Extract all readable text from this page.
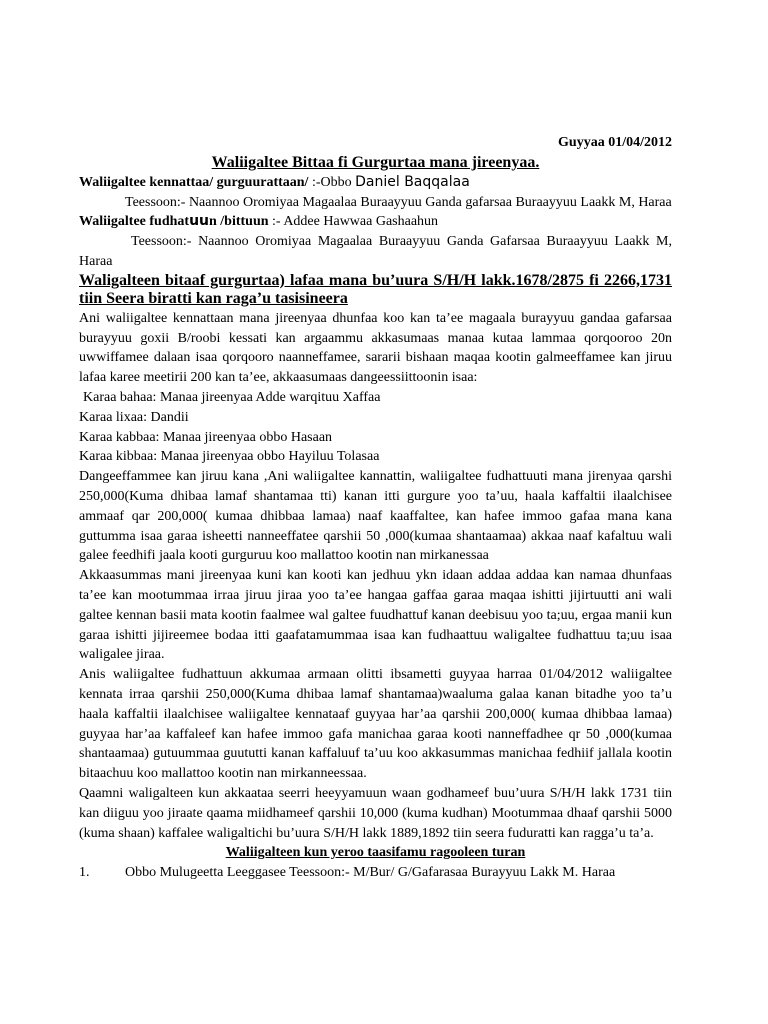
Guyyaa 01/04/2012

Waliigaltee Bittaa fi Gurgurtaa mana jireenyaa.

Waliigaltee kennattaa/ gurguurattaan/ :-Obbo Daniel Baqqalaa

Teessoon:- Naannoo Oromiyaa Magaalaa Buraayyuu Ganda gafarsaa Buraayyuu Laakk M, Haraa

Waliigaltee fudhatuun /bittuun :- Addee Hawwaa Gashaahun

Teessoon:- Naannoo Oromiyaa Magaalaa Buraayyuu Ganda Gafarsaa Buraayyuu Laakk M, Haraa

Waligalteen bitaaf gurgurtaa) lafaa mana bu’uura S/H/H lakk.1678/2875 fi 2266,1731 tiin Seera biratti kan raga’u tasisineera

Ani waliigaltee kennattaan mana jireenyaa dhunfaa koo kan ta’ee magaala burayyuu gandaa gafarsaa burayyuu goxii B/roobi kessati kan argaammu akkasumaas manaa kutaa lammaa qorqooroo 20n uwwiffamee dalaan isaa qorqooro naanneffamee, sararii bishaan maqaa kootin galmeeffamee kan jiruu lafaa karee meetirii 200 kan ta’ee, akkaasumaas dangeessiittoonin isaa:

Karaa bahaa: Manaa jireenyaa Adde warqituu Xaffaa

Karaa lixaa: Dandii

Karaa kabbaa: Manaa jireenyaa obbo Hasaan

Karaa kibbaa: Manaa jireenyaa obbo Hayiluu Tolasaa

Dangeeffammee kan jiruu kana ,Ani waliigaltee kannattin, waliigaltee fudhattuuti mana jirenyaa qarshi 250,000(Kuma dhibaa lamaf shantamaa tti) kanan itti gurgure yoo ta’uu, haala kaffaltii ilaalchisee ammaaf qar 200,000( kumaa dhibbaa lamaa) naaf kaaffaltee, kan hafee immoo gafaa mana kana guttumma isaa garaa isheetti nanneeffatee qarshii 50 ,000(kumaa shantaamaa) akkaa naaf kafaltuu wali galee feedhifi jaala kooti gurguruu koo mallattoo kootin nan mirkanessaa

Akkaasummas mani jireenyaa kuni kan kooti kan jedhuu ykn idaan addaa addaa kan namaa dhunfaas ta’ee kan mootummaa irraa jiruu jiraa yoo ta’ee hangaa gaffaa garaa maqaa ishitti jijirtuutti ani wali galtee kennan basii mata kootin faalmee wal galtee fuudhattuf kanan deebisuu yoo ta;uu, ergaa manii kun garaa ishitti jijireemee bodaa itti gaafatamummaa isaa kan fudhaattuu waligaltee fudhattuu ta;uu isaa waligalee jiraa.

Anis waliigaltee fudhattuun akkumaa armaan olitti ibsametti guyyaa harraa 01/04/2012 waliigaltee kennata irraa qarshii 250,000(Kuma dhibaa lamaf shantamaa)waaluma galaa kanan bitadhe yoo ta’u haala kaffaltii ilaalchisee waliigaltee kennataaf guyyaa har’aa qarshii 200,000( kumaa dhibbaa lamaa) guyyaa har’aa kaffaleef kan hafee immoo gafa manichaa garaa kooti nanneffadhee qr 50 ,000(kumaa shantaamaa) gutuummaa guututti kanan kaffaluuf ta’uu koo akkasummas manichaa fedhiif jallala kootin bitaachuu koo mallattoo kootin nan mirkanneessaa.

Qaamni waligalteen kun akkaataa seerri heeyyamuun waan godhameef buu’uura S/H/H lakk 1731 tiin kan diiguu yoo jiraate qaama miidhameef qarshii 10,000 (kuma kudhan) Mootummaa dhaaf qarshii 5000 (kuma shaan) kaffalee waligaltichi bu’uura S/H/H lakk 1889,1892 tiin seera fuduratti kan ragga’u ta’a.

Waliigalteen kun yeroo taasifamu ragooleen turan

1.	Obbo Mulugeetta Leeggasee Teessoon:- M/Bur/ G/Gafarasaa Burayyuu Lakk M. Haraa
